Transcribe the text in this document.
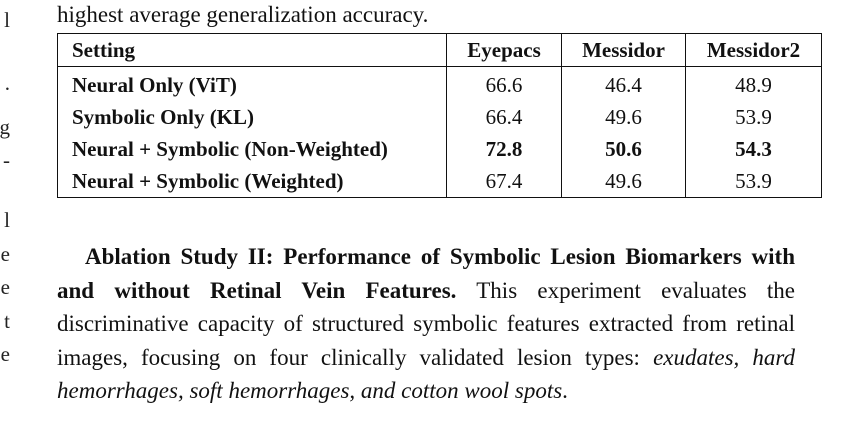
l
.
g
-
l
e
e
t
e
highest average generalization accuracy.
Setting	Eyepacs	Messidor	Messidor2
Neural Only (ViT)	66.6	46.4	48.9
Symbolic Only (KL)	66.4	49.6	53.9
Neural + Symbolic (Non-Weighted)	72.8	50.6	54.3
Neural + Symbolic (Weighted)	67.4	49.6	53.9

Ablation Study II: Performance of Symbolic Lesion Biomarkers with and without Retinal Vein Features. This experiment evaluates the discriminative capacity of structured symbolic features extracted from retinal images, focusing on four clinically validated lesion types: exudates, hard hemorrhages, soft hemorrhages, and cotton wool spots.
